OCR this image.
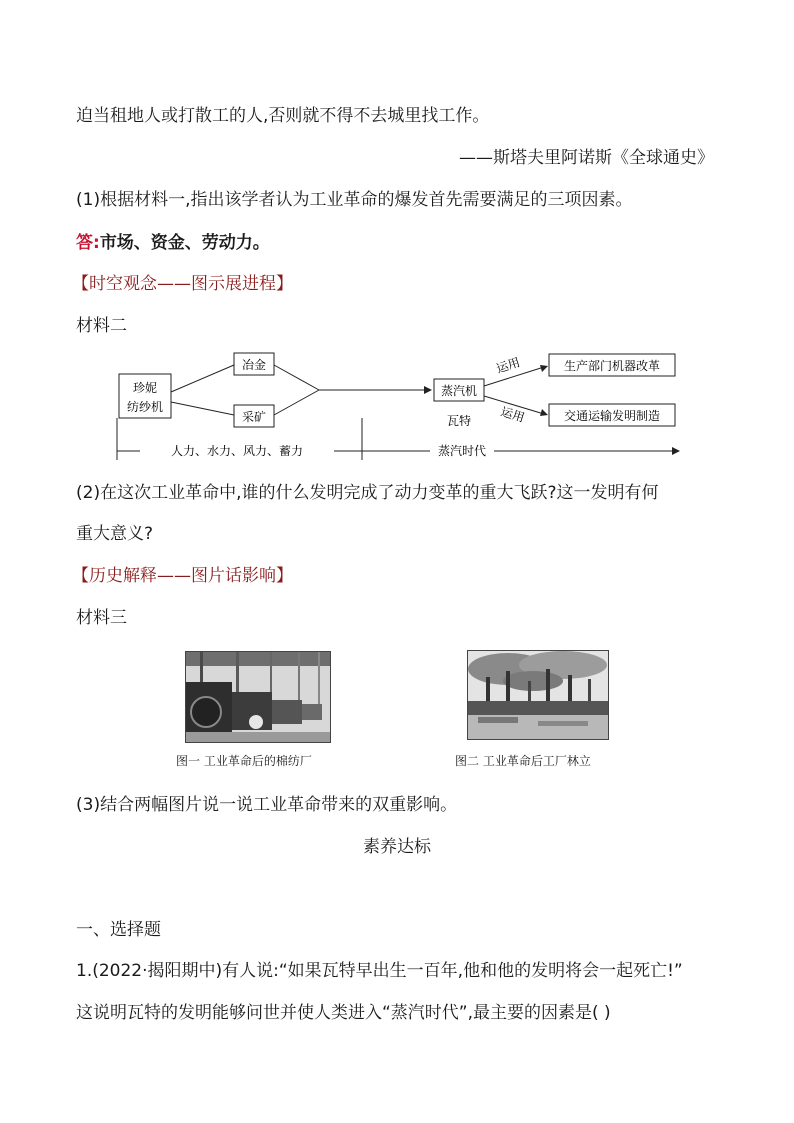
迫当租地人或打散工的人,否则就不得不去城里找工作。
——斯塔夫里阿诺斯《全球通史》
(1)根据材料一,指出该学者认为工业革命的爆发首先需要满足的三项因素。
答:市场、资金、劳动力。
【时空观念——图示展进程】
材料二
珍妮
纺纱机
冶金
采矿
蒸汽机
瓦特
运用
运用
生产部门机器改革
交通运输发明制造
人力、水力、风力、蓄力	蒸汽时代
(2)在这次工业革命中,谁的什么发明完成了动力变革的重大飞跃?这一发明有何
重大意义?
【历史解释——图片话影响】
材料三
图一 工业革命后的棉纺厂	图二 工业革命后工厂林立
(3)结合两幅图片说一说工业革命带来的双重影响。
素养达标
一、选择题
1.(2022·揭阳期中)有人说:“如果瓦特早出生一百年,他和他的发明将会一起死亡!”
这说明瓦特的发明能够问世并使人类进入“蒸汽时代”,最主要的因素是( )
